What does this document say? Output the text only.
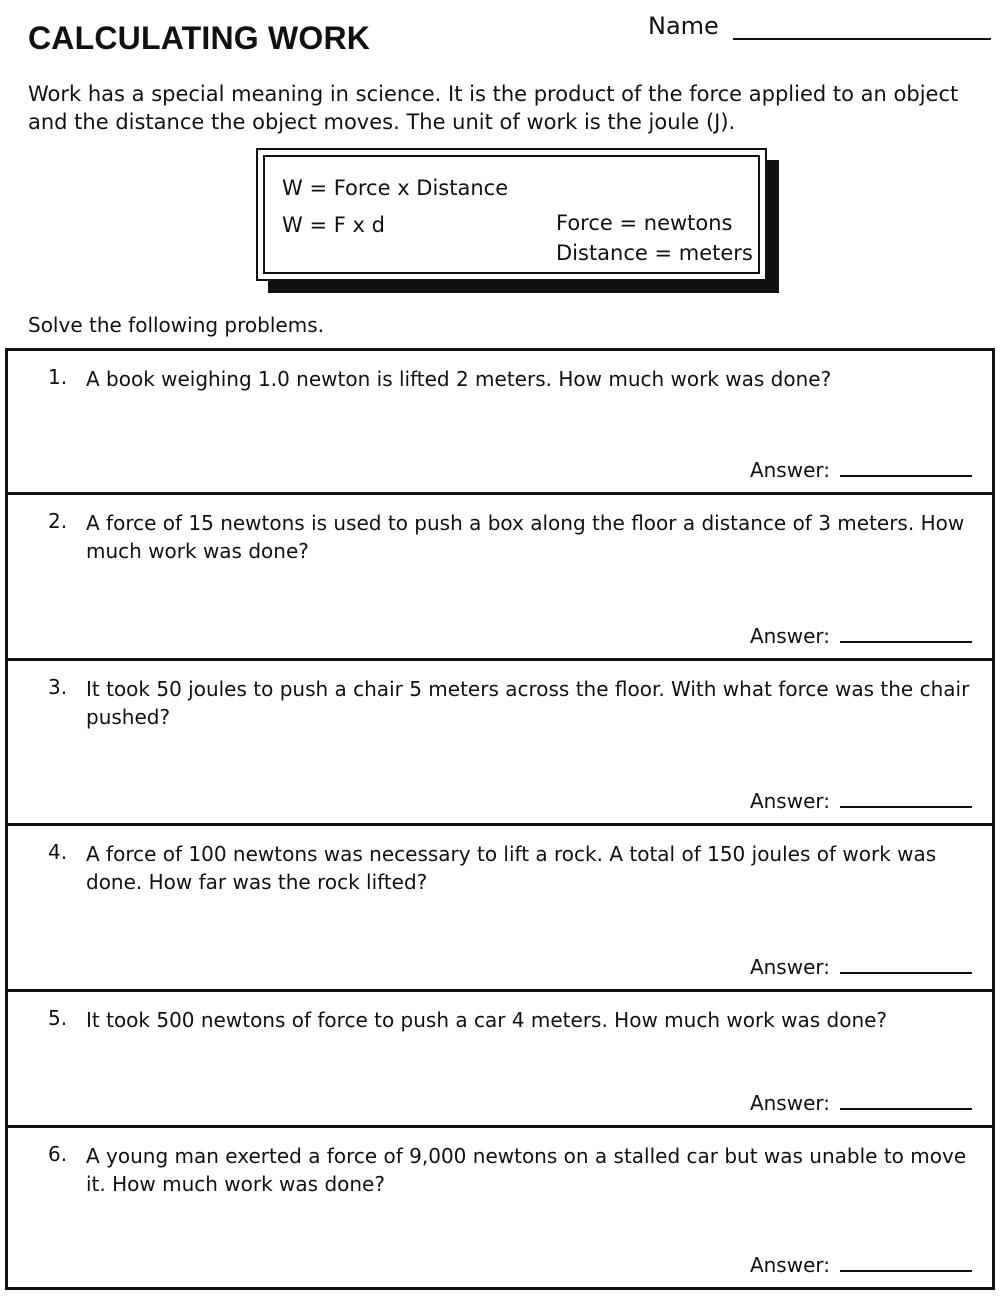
CALCULATING WORK	Name
Work has a special meaning in science. It is the product of the force applied to an object and the distance the object moves. The unit of work is the joule (J).
W = Force x Distance
W = F x d	Force = newtons
Distance = meters
Solve the following problems.
1. A book weighing 1.0 newton is lifted 2 meters. How much work was done?
Answer:
2. A force of 15 newtons is used to push a box along the floor a distance of 3 meters. How much work was done?
Answer:
3. It took 50 joules to push a chair 5 meters across the floor. With what force was the chair pushed?
Answer:
4. A force of 100 newtons was necessary to lift a rock. A total of 150 joules of work was done. How far was the rock lifted?
Answer:
5. It took 500 newtons of force to push a car 4 meters. How much work was done?
Answer:
6. A young man exerted a force of 9,000 newtons on a stalled car but was unable to move it. How much work was done?
Answer:
